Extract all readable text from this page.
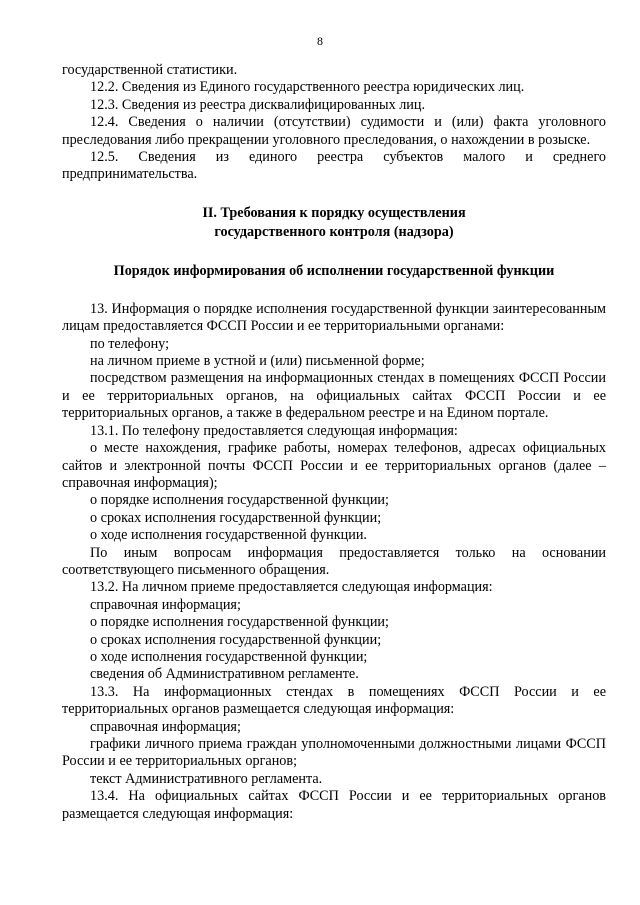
8

государственной статистики.

12.2. Сведения из Единого государственного реестра юридических лиц.

12.3. Сведения из реестра дисквалифицированных лиц.

12.4. Сведения о наличии (отсутствии) судимости и (или) факта уголовного преследования либо прекращении уголовного преследования, о нахождении в розыске.

12.5. Сведения из единого реестра субъектов малого и среднего предпринимательства.

II. Требования к порядку осуществления
государственного контроля (надзора)
Порядок информирования об исполнении государственной функции

13. Информация о порядке исполнения государственной функции заинтересованным лицам предоставляется ФССП России и ее территориальными органами:

по телефону;

на личном приеме в устной и (или) письменной форме;

посредством размещения на информационных стендах в помещениях ФССП России и ее территориальных органов, на официальных сайтах ФССП России и ее территориальных органов, а также в федеральном реестре и на Едином портале.

13.1. По телефону предоставляется следующая информация:

о месте нахождения, графике работы, номерах телефонов, адресах официальных сайтов и электронной почты ФССП России и ее территориальных органов (далее – справочная информация);

о порядке исполнения государственной функции;

о сроках исполнения государственной функции;

о ходе исполнения государственной функции.

По иным вопросам информация предоставляется только на основании соответствующего письменного обращения.

13.2. На личном приеме предоставляется следующая информация:

справочная информация;

о порядке исполнения государственной функции;

о сроках исполнения государственной функции;

о ходе исполнения государственной функции;

сведения об Административном регламенте.

13.3. На информационных стендах в помещениях ФССП России и ее территориальных органов размещается следующая информация:

справочная информация;

графики личного приема граждан уполномоченными должностными лицами ФССП России и ее территориальных органов;

текст Административного регламента.

13.4. На официальных сайтах ФССП России и ее территориальных органов размещается следующая информация:
